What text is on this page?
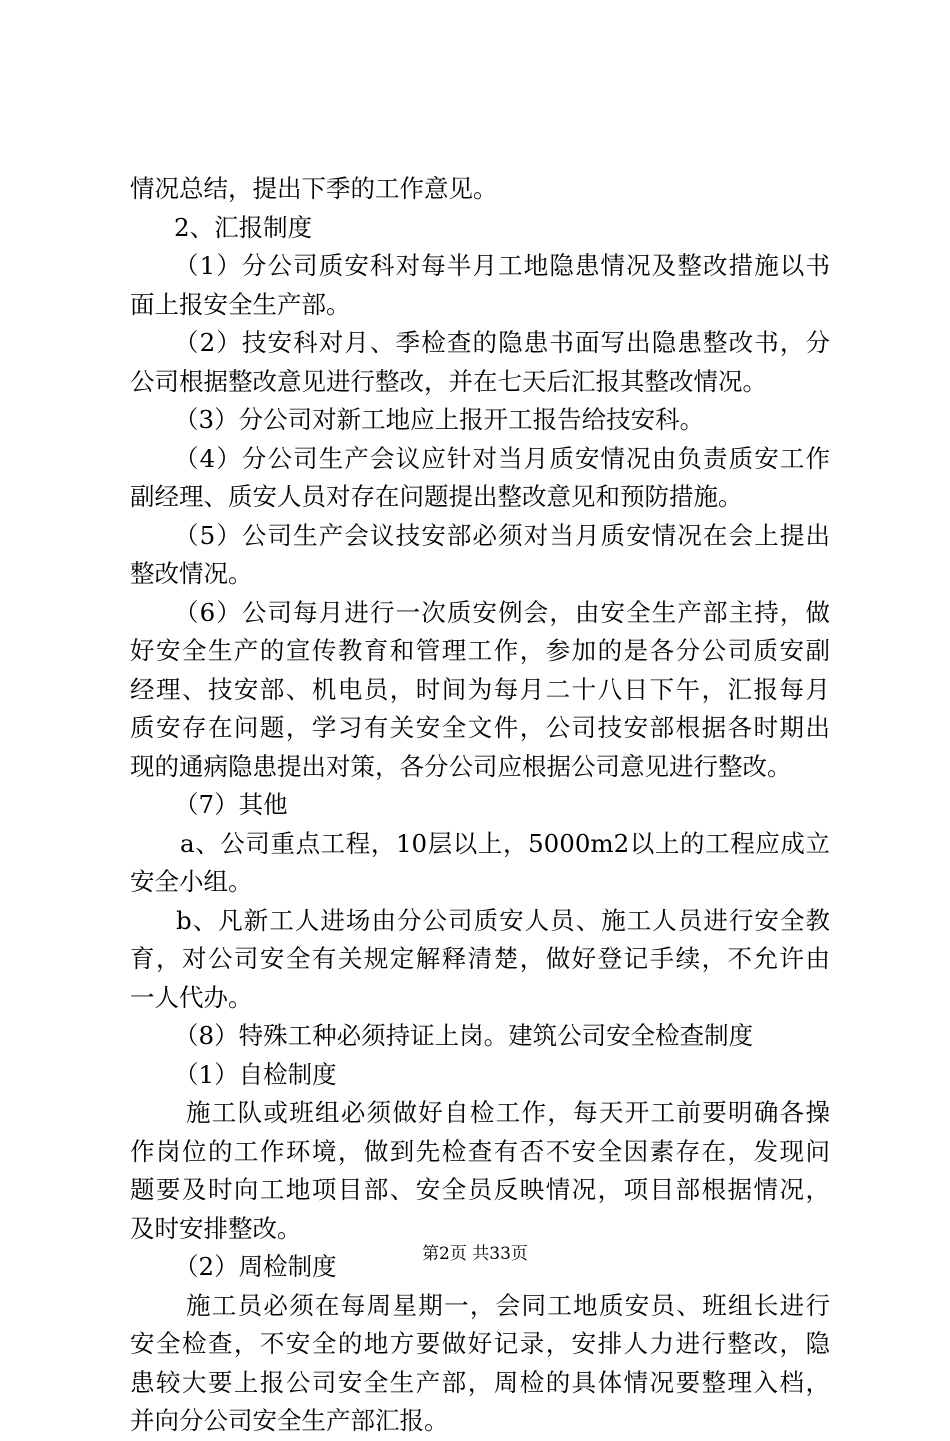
情况总结，提出下季的工作意见。
2、汇报制度
（1）分公司质安科对每半月工地隐患情况及整改措施以书
面上报安全生产部。
（2）技安科对月、季检查的隐患书面写出隐患整改书，分
公司根据整改意见进行整改，并在七天后汇报其整改情况。
（3）分公司对新工地应上报开工报告给技安科。
（4）分公司生产会议应针对当月质安情况由负责质安工作
副经理、质安人员对存在问题提出整改意见和预防措施。
（5）公司生产会议技安部必须对当月质安情况在会上提出
整改情况。
（6）公司每月进行一次质安例会，由安全生产部主持，做
好安全生产的宣传教育和管理工作，参加的是各分公司质安副
经理、技安部、机电员，时间为每月二十八日下午，汇报每月
质安存在问题，学习有关安全文件，公司技安部根据各时期出
现的通病隐患提出对策，各分公司应根据公司意见进行整改。
（7）其他
a、公司重点工程，10层以上，5000m2以上的工程应成立
安全小组。
b、凡新工人进场由分公司质安人员、施工人员进行安全教
育，对公司安全有关规定解释清楚，做好登记手续，不允许由
一人代办。
（8）特殊工种必须持证上岗。建筑公司安全检查制度
（1）自检制度
施工队或班组必须做好自检工作，每天开工前要明确各操
作岗位的工作环境，做到先检查有否不安全因素存在，发现问
题要及时向工地项目部、安全员反映情况，项目部根据情况，
及时安排整改。
（2）周检制度
施工员必须在每周星期一，会同工地质安员、班组长进行
安全检查，不安全的地方要做好记录，安排人力进行整改，隐
患较大要上报公司安全生产部，周检的具体情况要整理入档，
并向分公司安全生产部汇报。
第2页 共33页
